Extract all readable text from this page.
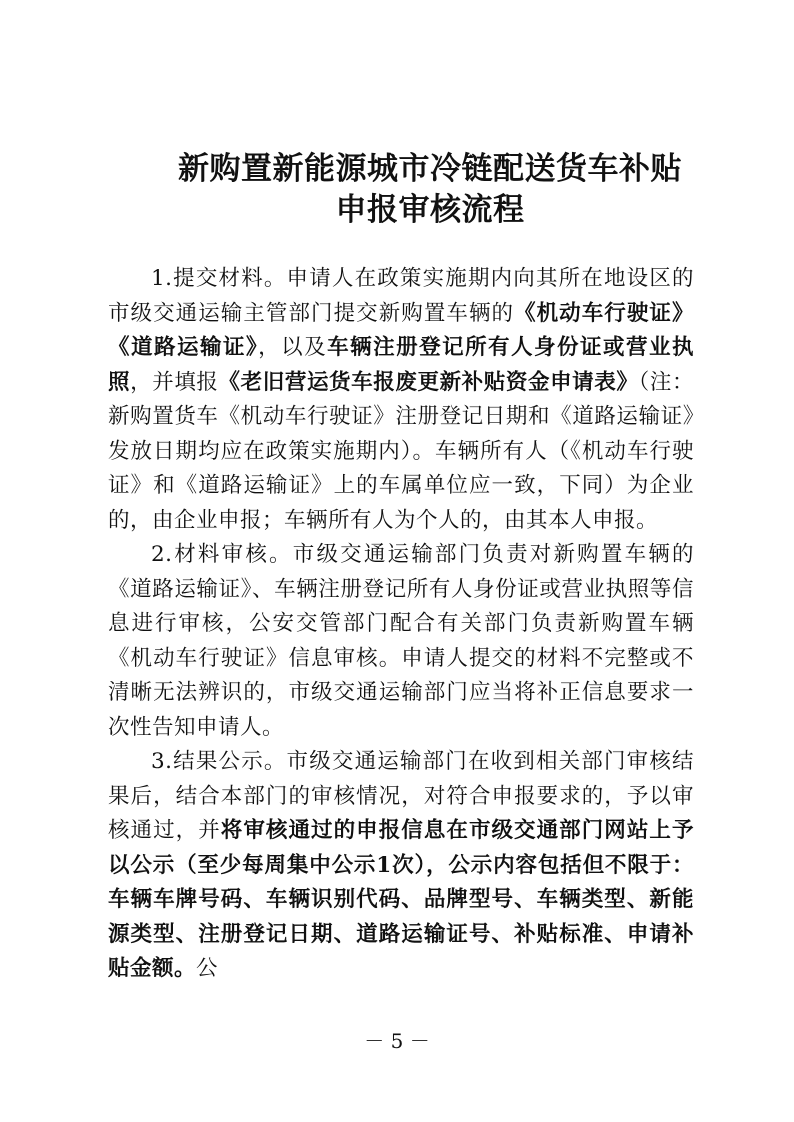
新购置新能源城市冷链配送货车补贴
申报审核流程

1.提交材料。申请人在政策实施期内向其所在地设区的市级交通运输主管部门提交新购置车辆的《机动车行驶证》《道路运输证》，以及车辆注册登记所有人身份证或营业执照，并填报《老旧营运货车报废更新补贴资金申请表》（注：新购置货车《机动车行驶证》注册登记日期和《道路运输证》发放日期均应在政策实施期内）。车辆所有人（《机动车行驶证》和《道路运输证》上的车属单位应一致，下同）为企业的，由企业申报；车辆所有人为个人的，由其本人申报。

2.材料审核。市级交通运输部门负责对新购置车辆的《道路运输证》、车辆注册登记所有人身份证或营业执照等信息进行审核，公安交管部门配合有关部门负责新购置车辆《机动车行驶证》信息审核。申请人提交的材料不完整或不清晰无法辨识的，市级交通运输部门应当将补正信息要求一次性告知申请人。

3.结果公示。市级交通运输部门在收到相关部门审核结果后，结合本部门的审核情况，对符合申报要求的，予以审核通过，并将审核通过的申报信息在市级交通部门网站上予以公示（至少每周集中公示1次），公示内容包括但不限于：车辆车牌号码、车辆识别代码、品牌型号、车辆类型、新能源类型、注册登记日期、道路运输证号、补贴标准、申请补贴金额。公

－ 5 －
